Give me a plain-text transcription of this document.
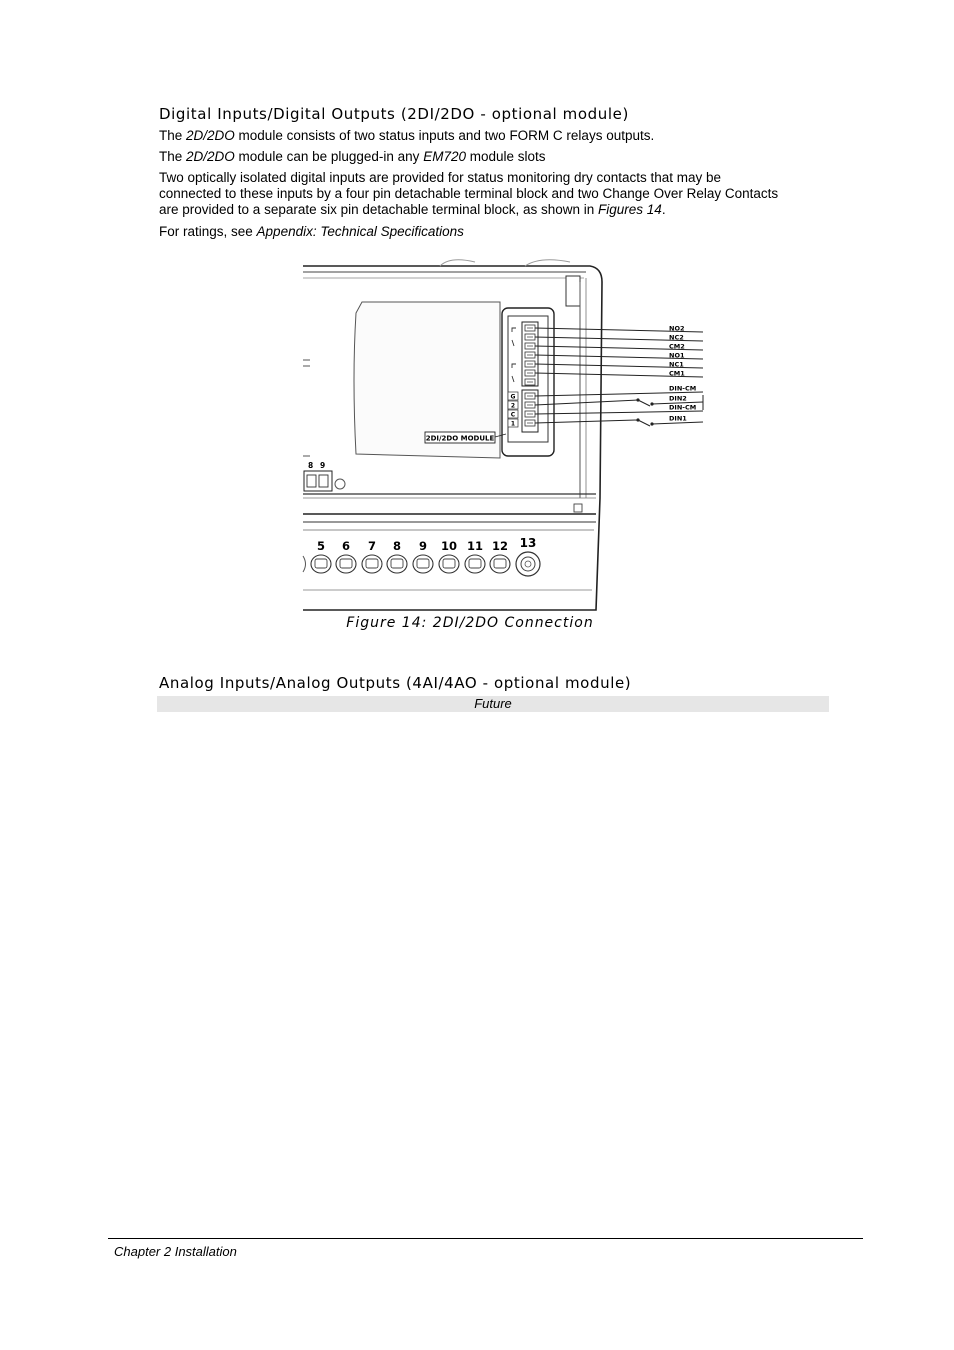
Digital Inputs/Digital Outputs (2DI/2DO - optional module)
The 2D/2DO module consists of two status inputs and two FORM C relays outputs.
The 2D/2DO module can be plugged-in any EM720 module slots
Two optically isolated digital inputs are provided for status monitoring dry contacts that may be
connected to these inputs by a four pin detachable terminal block and two Change Over Relay Contacts
are provided to a separate six pin detachable terminal block, as shown in Figures 14.
For ratings, see Appendix: Technical Specifications
G
2
C
1
NO2
NC2
CM2
NO1
NC1
CM1
DIN-CM
DIN2
DIN-CM
DIN1
2DI/2DO MODULE
8 9
5 6 7 8 9 10 11 12 13
Figure 14: 2DI/2DO Connection
Analog Inputs/Analog Outputs (4AI/4AO - optional module)
Future
Chapter 2 Installation
